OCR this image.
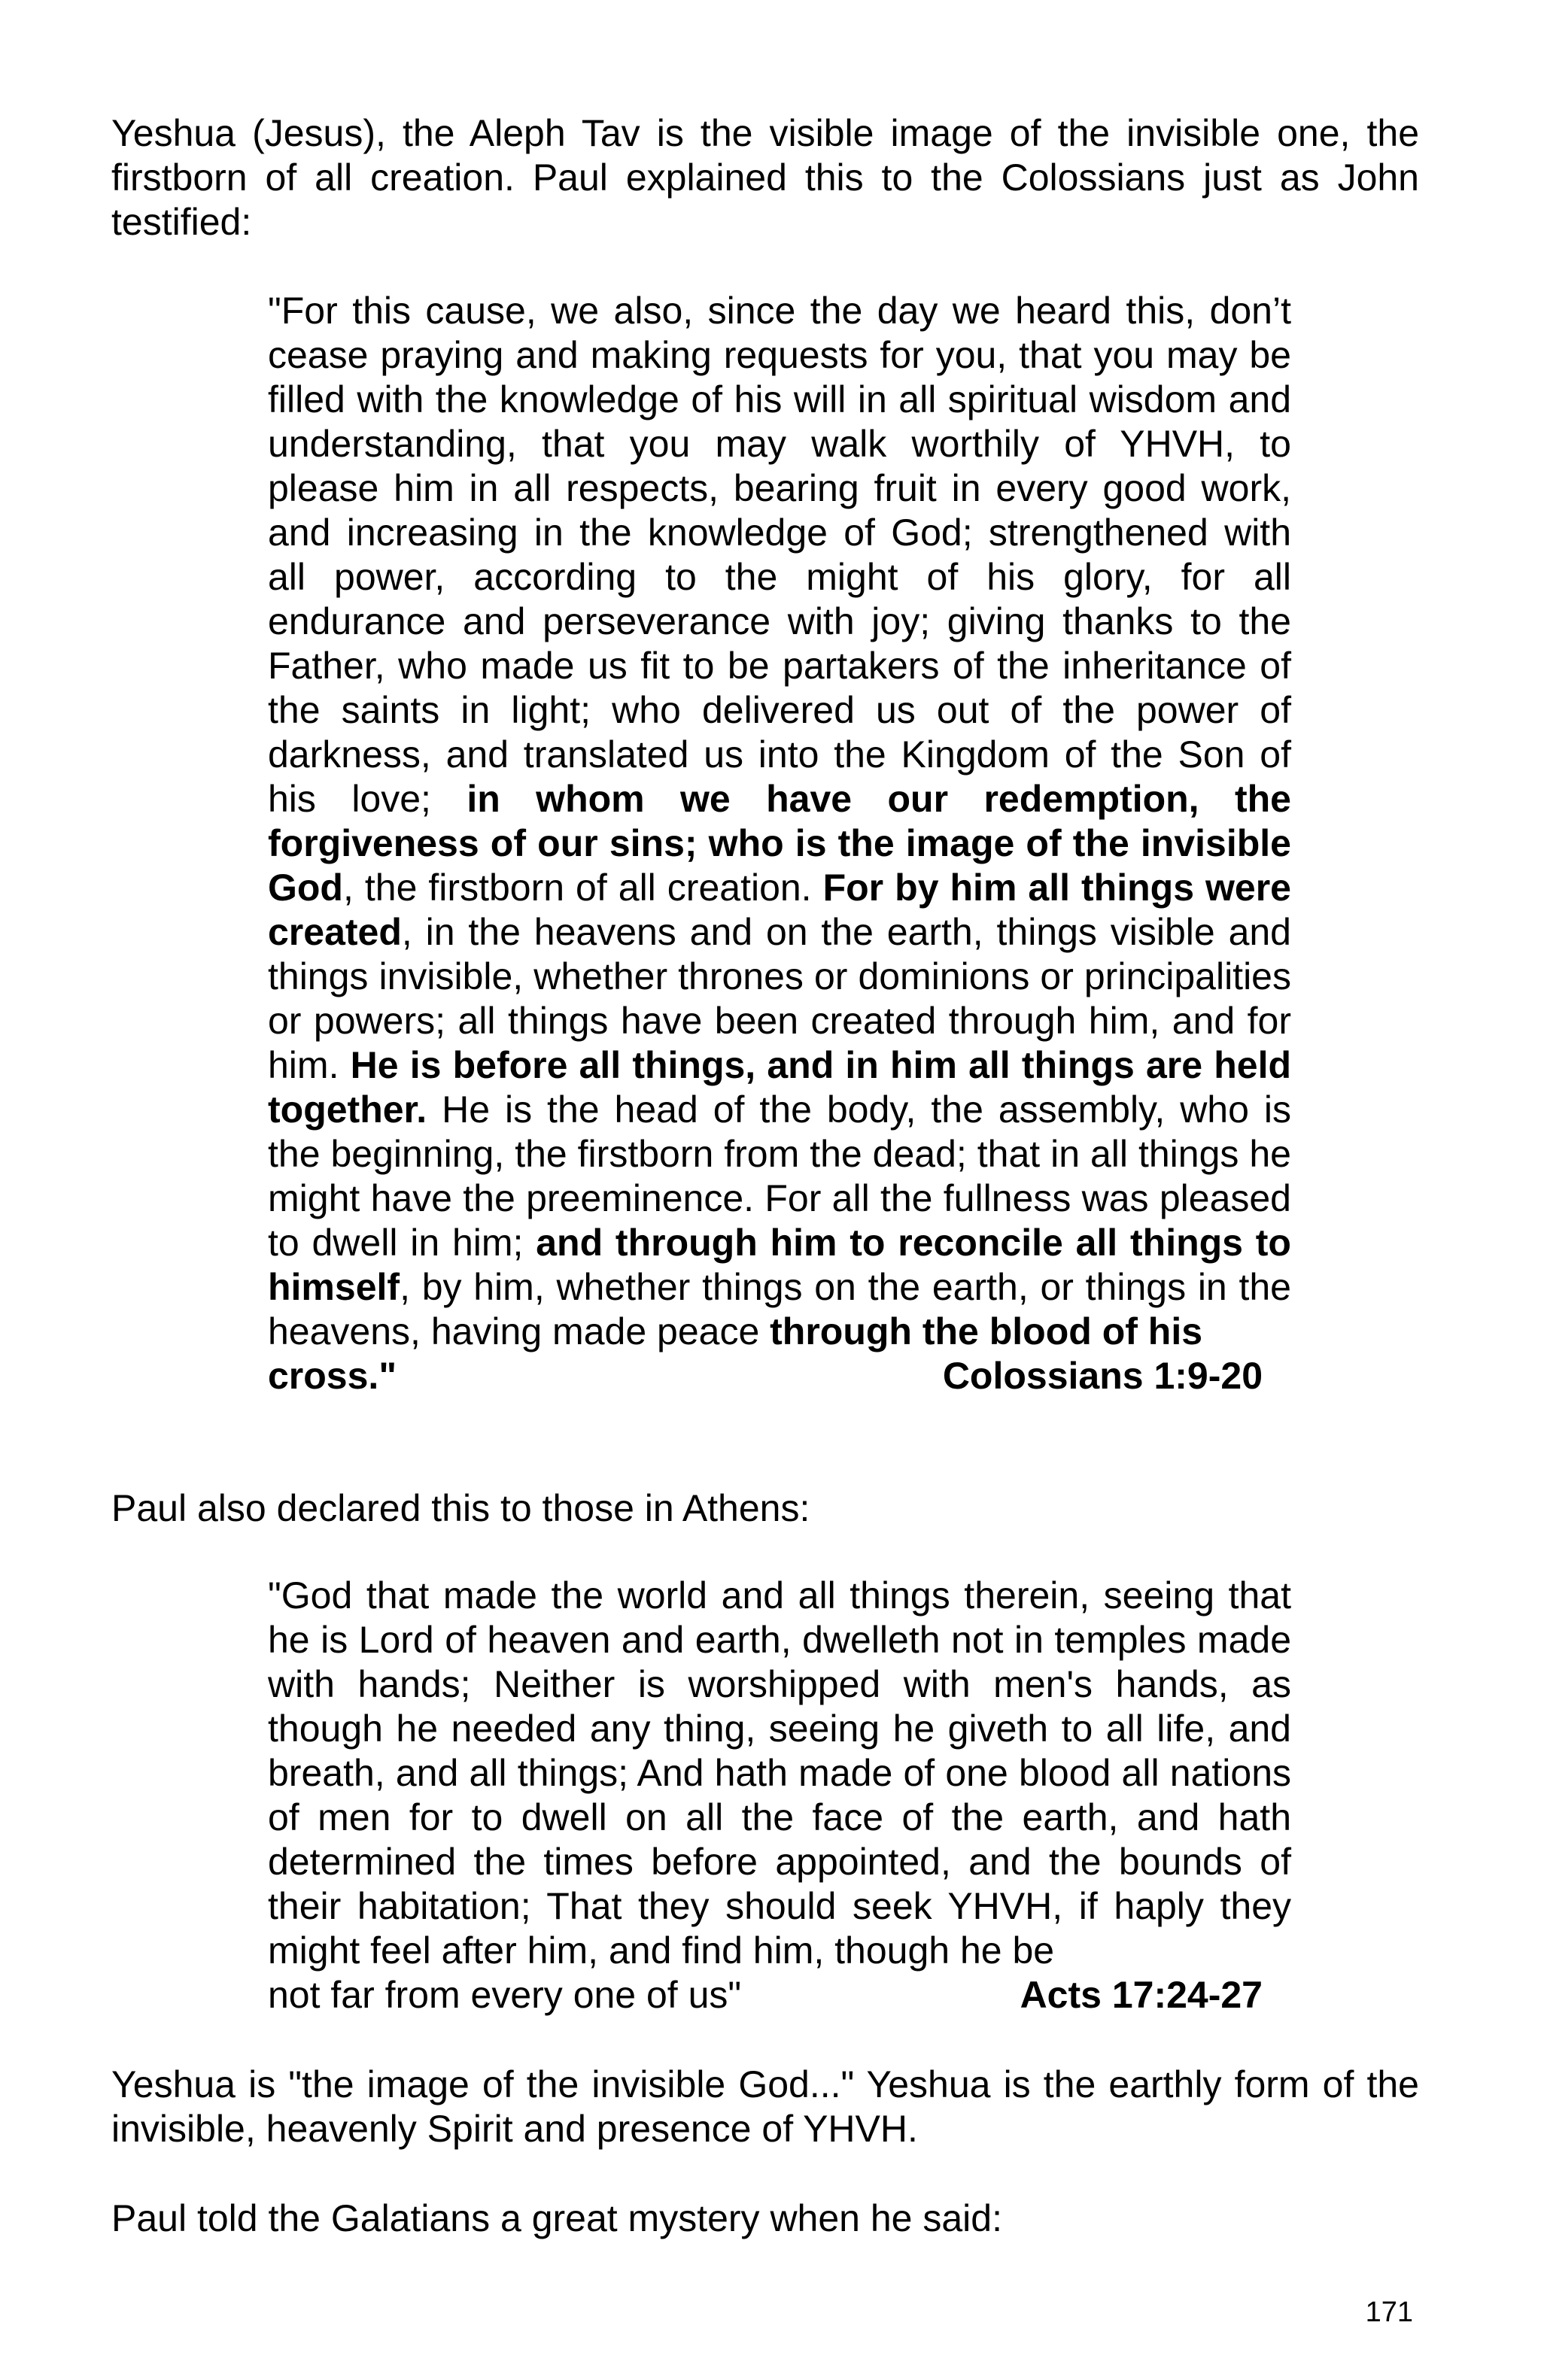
Yeshua (Jesus), the Aleph Tav is the visible image of the invisible one, the firstborn of all creation. Paul explained this to the Colossians just as John testified:

"For this cause, we also, since the day we heard this, don’t cease praying and making requests for you, that you may be filled with the knowledge of his will in all spiritual wisdom and understanding, that you may walk worthily of YHVH, to please him in all respects, bearing fruit in every good work, and increasing in the knowledge of God; strengthened with all power, according to the might of his glory, for all endurance and perseverance with joy; giving thanks to the Father, who made us fit to be partakers of the inheritance of the saints in light; who delivered us out of the power of darkness, and translated us into the Kingdom of the Son of his love; in whom we have our redemption, the forgiveness of our sins; who is the image of the invisible God, the firstborn of all creation. For by him all things were created, in the heavens and on the earth, things visible and things invisible, whether thrones or dominions or principalities or powers; all things have been created through him, and for him. He is before all things, and in him all things are held together. He is the head of the body, the assembly, who is the beginning, the firstborn from the dead; that in all things he might have the preeminence. For all the fullness was pleased to dwell in him; and through him to reconcile all things to himself, by him, whether things on the earth, or things in the heavens, having made peace through the blood of his
cross."	Colossians 1:9-20

Paul also declared this to those in Athens:

"God that made the world and all things therein, seeing that he is Lord of heaven and earth, dwelleth not in temples made with hands; Neither is worshipped with men's hands, as though he needed any thing, seeing he giveth to all life, and breath, and all things; And hath made of one blood all nations of men for to dwell on all the face of the earth, and hath determined the times before appointed, and the bounds of their habitation; That they should seek YHVH, if haply they might feel after him, and find him, though he be
not far from every one of us"	Acts 17:24-27

Yeshua is "the image of the invisible God..." Yeshua is the earthly form of the invisible, heavenly Spirit and presence of YHVH.

Paul told the Galatians a great mystery when he said:

171
